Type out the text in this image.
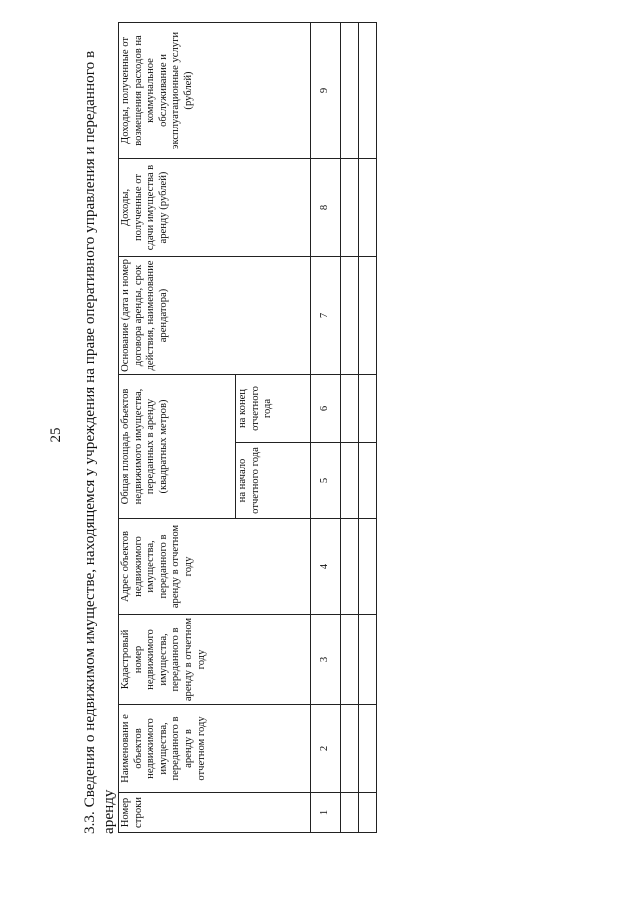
25 3.3. Сведения о недвижимом имуществе, находящемся у учреждения на праве оперативного управления и переданного в аренду Номер строки	Наименовани е объектов недвижимого имущества, переданного в аренду в отчетном году	Кадастровый номер недвижимого имущества, переданного в аренду в отчетном году	Адрес объектов недвижимого имущества, переданного в аренду в отчетном году	Общая площадь объектов недвижимого имущества, переданных в аренду (квадратных метров)		Основание (дата и номер договора аренды, срок действия, наименование арендатора)	Доходы, полученные от сдачи имущества в аренду (рублей)	Доходы, полученные от возмещения расходов на коммунальное обслуживание и эксплуатационные услуги (рублей)
				на начало отчетного года	на конец отчетного года			
1	2	3	4	5	6	7	8	9
